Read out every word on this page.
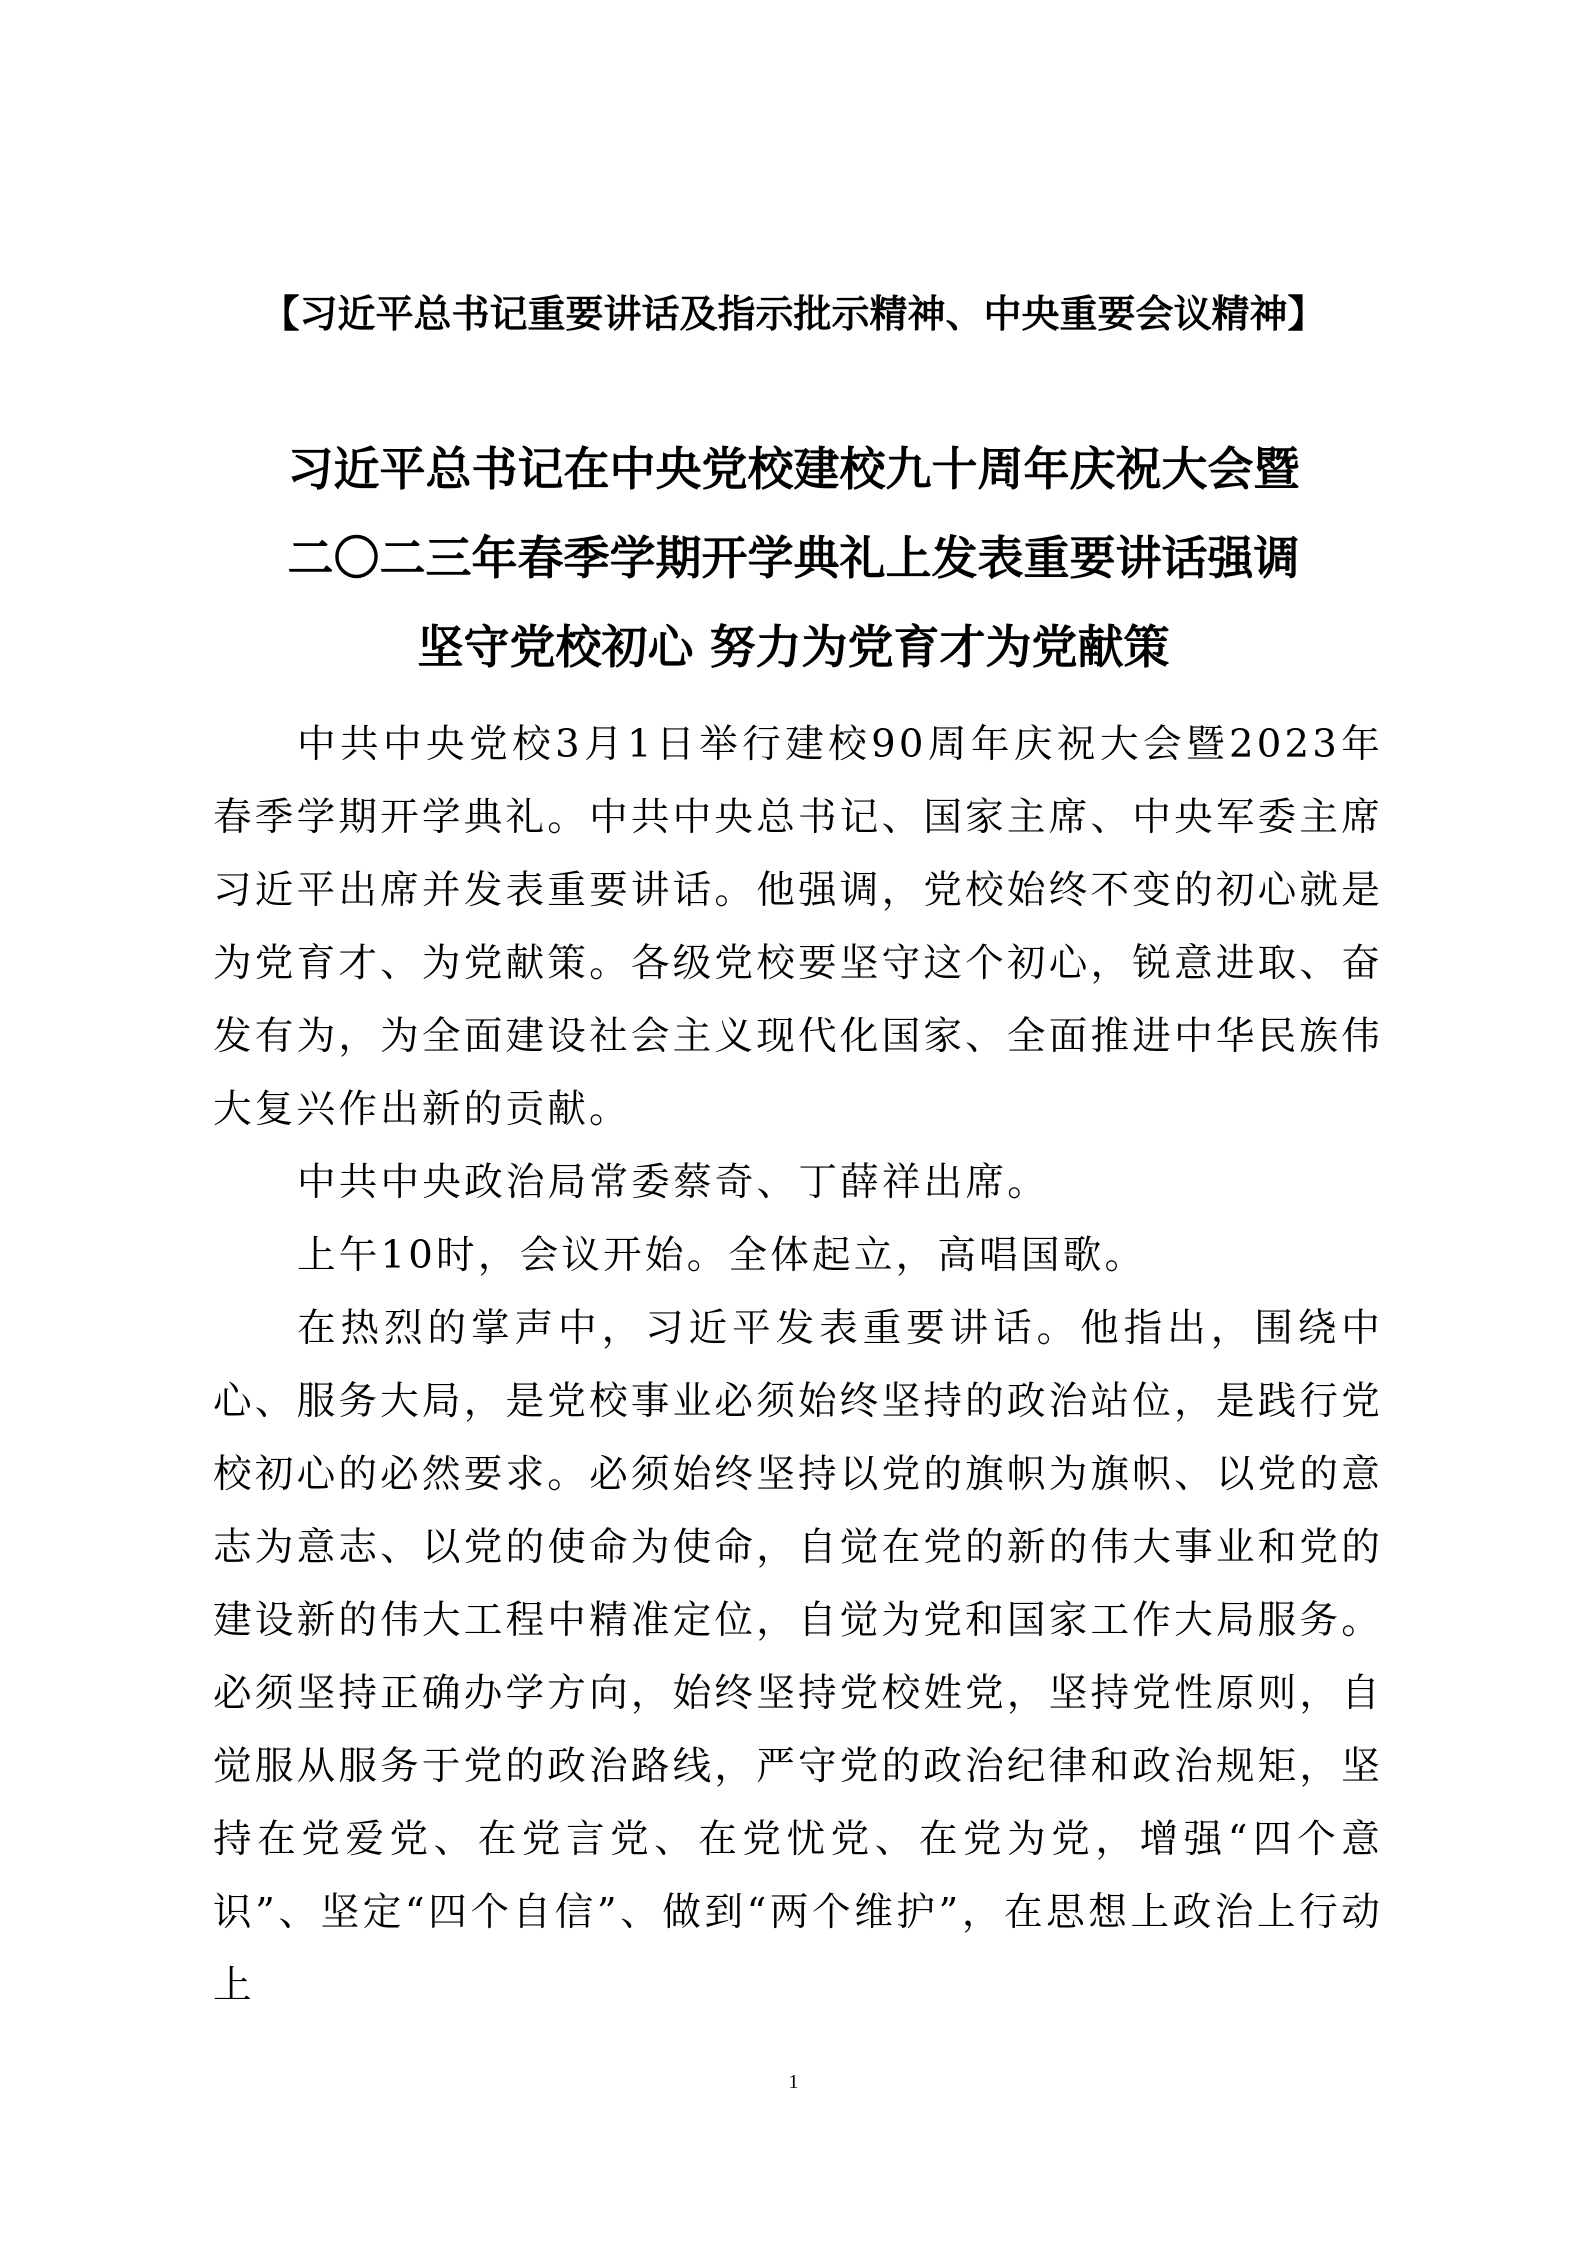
【习近平总书记重要讲话及指示批示精神、中央重要会议精神】
习近平总书记在中央党校建校九十周年庆祝大会暨
二〇二三年春季学期开学典礼上发表重要讲话强调
坚守党校初心 努力为党育才为党献策

中共中央党校3月1日举行建校90周年庆祝大会暨2023年春季学期开学典礼。中共中央总书记、国家主席、中央军委主席习近平出席并发表重要讲话。他强调，党校始终不变的初心就是为党育才、为党献策。各级党校要坚守这个初心，锐意进取、奋发有为，为全面建设社会主义现代化国家、全面推进中华民族伟大复兴作出新的贡献。

中共中央政治局常委蔡奇、丁薛祥出席。

上午10时，会议开始。全体起立，高唱国歌。

在热烈的掌声中，习近平发表重要讲话。他指出，围绕中心、服务大局，是党校事业必须始终坚持的政治站位，是践行党校初心的必然要求。必须始终坚持以党的旗帜为旗帜、以党的意志为意志、以党的使命为使命，自觉在党的新的伟大事业和党的建设新的伟大工程中精准定位，自觉为党和国家工作大局服务。必须坚持正确办学方向，始终坚持党校姓党，坚持党性原则，自觉服从服务于党的政治路线，严守党的政治纪律和政治规矩，坚持在党爱党、在党言党、在党忧党、在党为党，增强“四个意识”、坚定“四个自信”、做到“两个维护”，在思想上政治上行动上

1
